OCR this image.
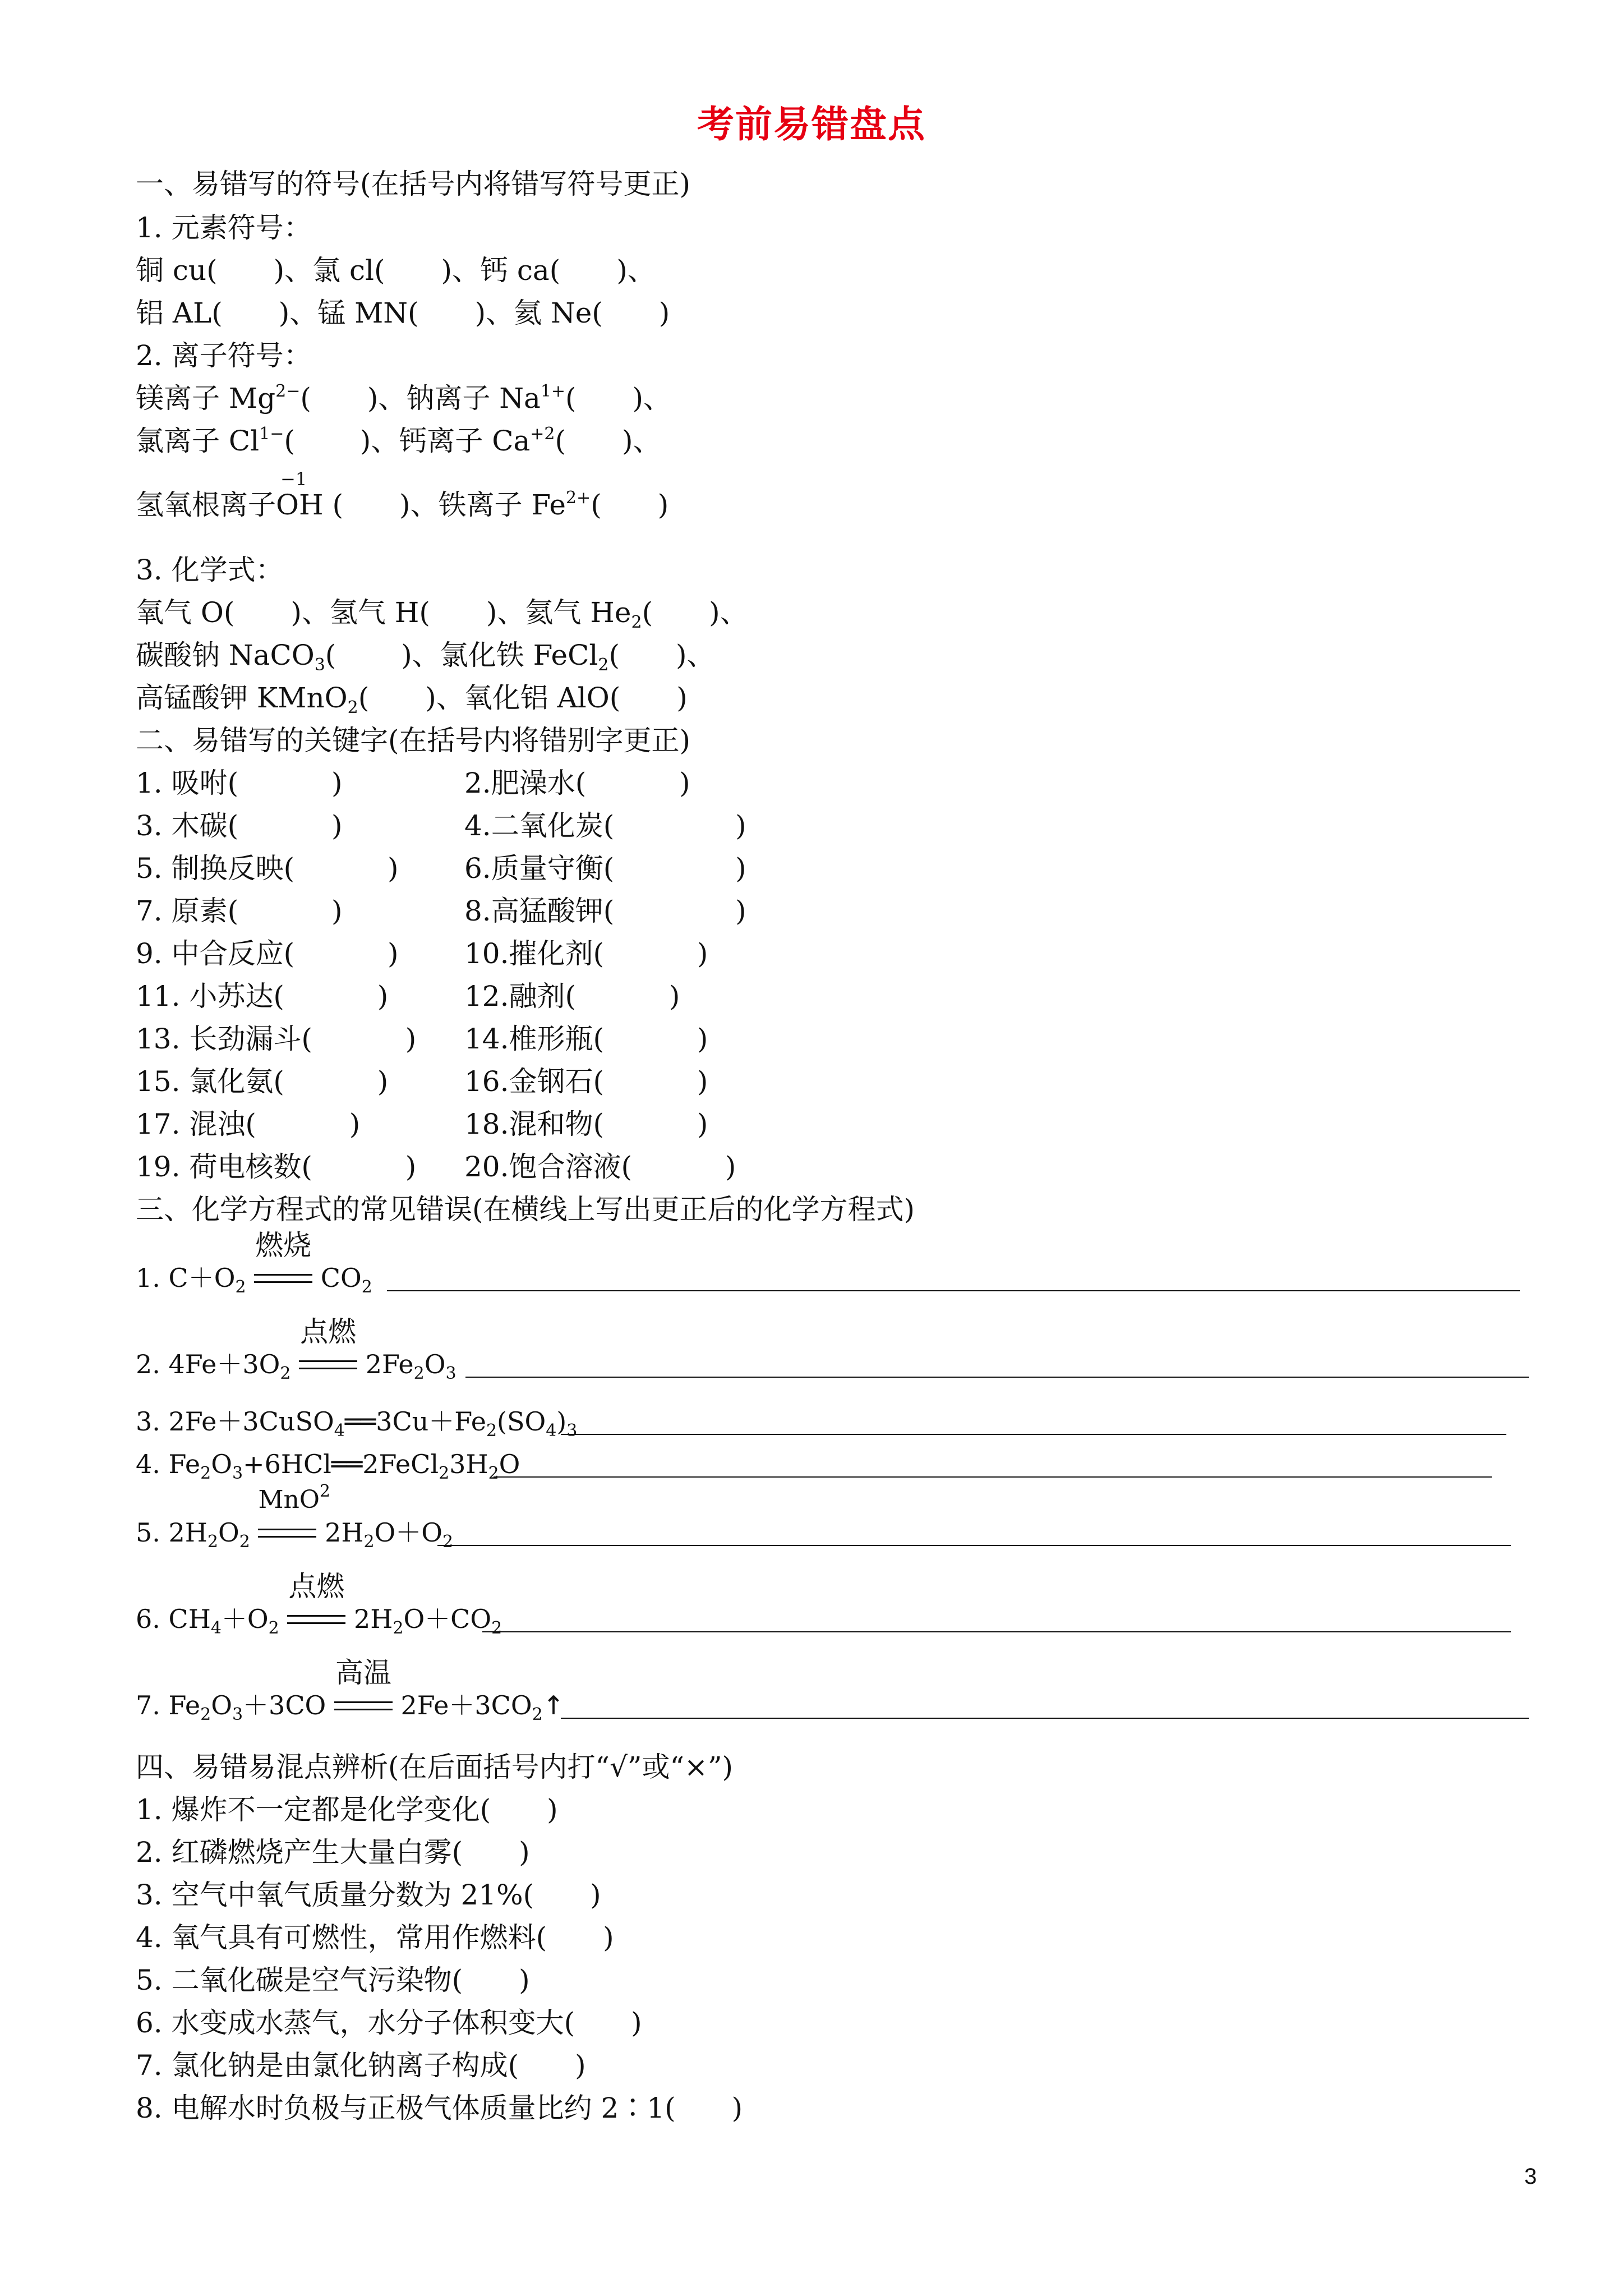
考前易错盘点
一、易错写的符号(在括号内将错写符号更正)
1. 元素符号：
铜 cu(　　)、氯 cl(　　)、钙 ca(　　)、
铝 AL(　　)、锰 MN(　　)、氦 Ne(　　)
2. 离子符号：
镁离子 $Mg^{2-}$(　　)、钠离子 $Na^{1+}$(　　)、
氯离子 $Cl^{1-}$(　　 )、钙离子 $Ca^{+2}$(　　)、
−1
氢氧根离子OH (　　)、铁离子 $Fe^{2+}$(　　)
3. 化学式：
氧气 O(　　)、氢气 H(　　)、氦气 $He_2$(　　)、
碳酸钠 NaCO$_3$(　　 )、氯化铁 FeCl$_2$(　　)、
高锰酸钾 KMnO$_2$(　　)、氧化铝 AlO(　　)
二、易错写的关键字(在括号内将错别字更正)
1. 吸咐(　　　 )	2.肥澡水(　　　 )
3. 木碳(　　　 )	4.二氧化炭(　　　　 )
5. 制换反映(　　　 ) 6.质量守衡(　　　　 )
7. 原素(　　　 )	8.高猛酸钾(　　　　 )
9. 中合反应(　　　 ) 10.摧化剂(　　　 )
11. 小苏达(　　　 )	12.融剂(　　　 )
13. 长劲漏斗(　　　 ) 14.椎形瓶(　　　 )
15. 氯化氨(　　　 )	16.金钢石(　　　 )
17. 混浊(　　　 )	18.混和物(　　　 )
19. 荷电核数(　　　 ) 20.饱合溶液(　　　 )
三、化学方程式的常见错误(在横线上写出更正后的化学方程式)
1. $C+O_2$
燃烧
$CO_2$
2. $4Fe+3O_2$
点燃
$2Fe_2O_3$
3. $2Fe+3CuSO_4══3Cu+Fe_2(SO_4)_3$
4. $Fe_2O_3+6HCl══2FeCl_23H_2O$
5. $2H_2O_2$
MnO$^2$
$2H_2O+O_2$
6. $CH_4+O_2$
点燃
$2H_2O+CO_2$
7. $Fe_2O_3+3CO$
高温
$2Fe+3CO_2↑$
四、易错易混点辨析(在后面括号内打“√”或“×”)
1. 爆炸不一定都是化学变化(　　)
2. 红磷燃烧产生大量白雾(　　)
3. 空气中氧气质量分数为 21%(　　)
4. 氧气具有可燃性，常用作燃料(　　)
5. 二氧化碳是空气污染物(　　)
6. 水变成水蒸气，水分子体积变大(　　)
7. 氯化钠是由氯化钠离子构成(　　)
8. 电解水时负极与正极气体质量比约 2∶1(　　)
3
